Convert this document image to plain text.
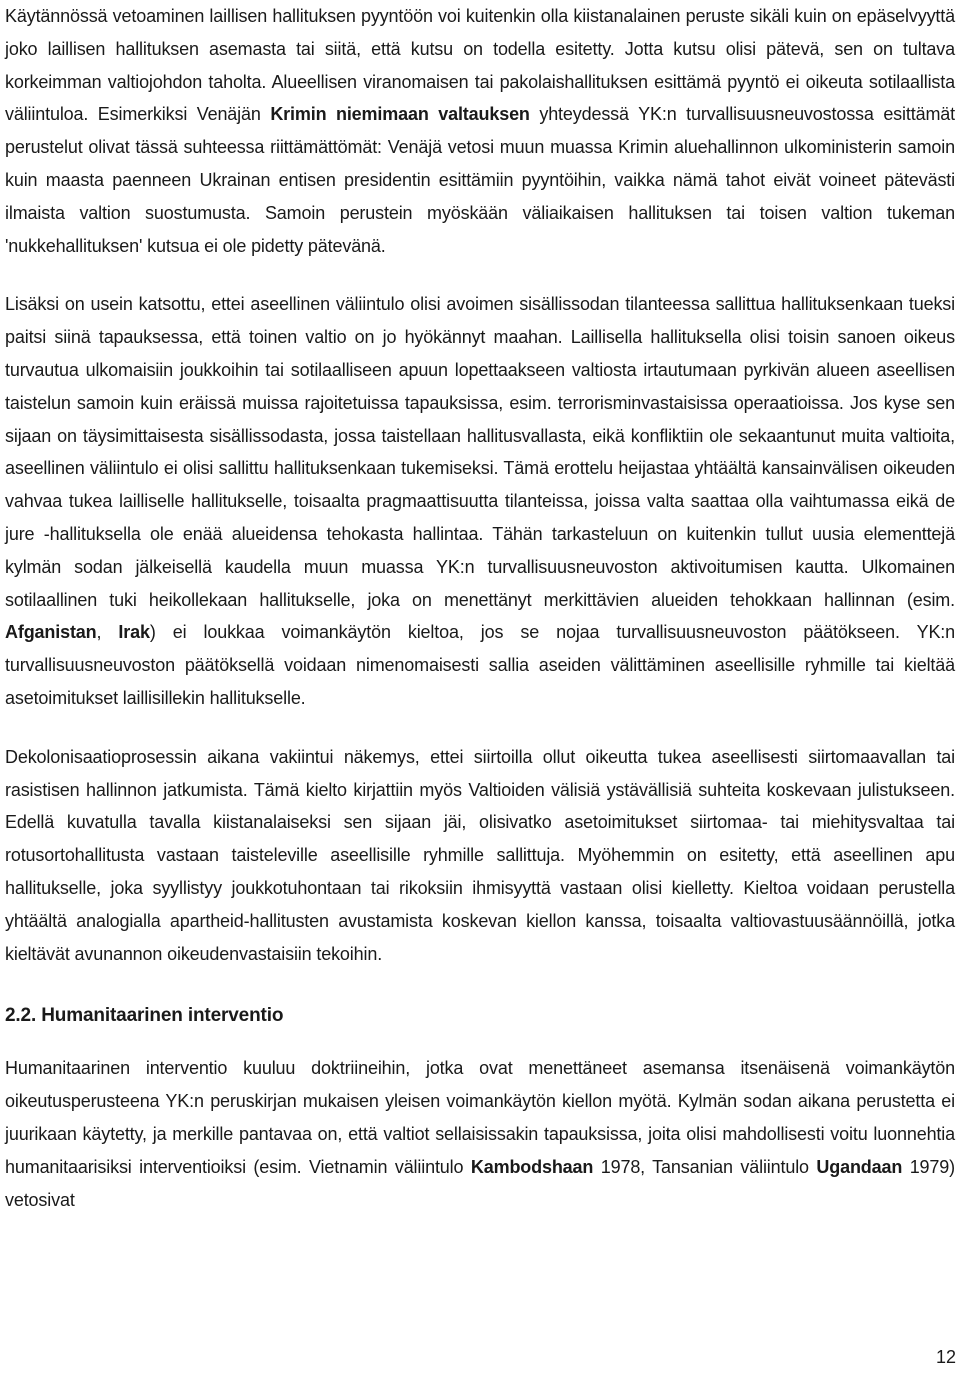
Käytännössä vetoaminen laillisen hallituksen pyyntöön voi kuitenkin olla kiistanalainen peruste sikäli kuin on epäselvyyttä joko laillisen hallituksen asemasta tai siitä, että kutsu on todella esitetty. Jotta kutsu olisi pätevä, sen on tultava korkeimman valtiojohdon taholta. Alueellisen viranomaisen tai pakolaishallituksen esittämä pyyntö ei oikeuta sotilaallista väliintuloa. Esimerkiksi Venäjän Krimin niemimaan valtauksen yhteydessä YK:n turvallisuusneuvostossa esittämät perustelut olivat tässä suhteessa riittämättömät: Venäjä vetosi muun muassa Krimin aluehallinnon ulkoministerin samoin kuin maasta paenneen Ukrainan entisen presidentin esittämiin pyyntöihin, vaikka nämä tahot eivät voineet pätevästi ilmaista valtion suostumusta. Samoin perustein myöskään väliaikaisen hallituksen tai toisen valtion tukeman 'nukkehallituksen' kutsua ei ole pidetty pätevänä.

Lisäksi on usein katsottu, ettei aseellinen väliintulo olisi avoimen sisällissodan tilanteessa sallittua hallituksenkaan tueksi paitsi siinä tapauksessa, että toinen valtio on jo hyökännyt maahan. Laillisella hallituksella olisi toisin sanoen oikeus turvautua ulkomaisiin joukkoihin tai sotilaalliseen apuun lopettaakseen valtiosta irtautumaan pyrkivän alueen aseellisen taistelun samoin kuin eräissä muissa rajoitetuissa tapauksissa, esim. terrorisminvastaisissa operaatioissa. Jos kyse sen sijaan on täysimittaisesta sisällissodasta, jossa taistellaan hallitusvallasta, eikä konfliktiin ole sekaantunut muita valtioita, aseellinen väliintulo ei olisi sallittu hallituksenkaan tukemiseksi. Tämä erottelu heijastaa yhtäältä kansainvälisen oikeuden vahvaa tukea lailliselle hallitukselle, toisaalta pragmaattisuutta tilanteissa, joissa valta saattaa olla vaihtumassa eikä de jure -hallituksella ole enää alueidensa tehokasta hallintaa. Tähän tarkasteluun on kuitenkin tullut uusia elementtejä kylmän sodan jälkeisellä kaudella muun muassa YK:n turvallisuusneuvoston aktivoitumisen kautta. Ulkomainen sotilaallinen tuki heikollekaan hallitukselle, joka on menettänyt merkittävien alueiden tehokkaan hallinnan (esim. Afganistan, Irak) ei loukkaa voimankäytön kieltoa, jos se nojaa turvallisuusneuvoston päätökseen. YK:n turvallisuusneuvoston päätöksellä voidaan nimenomaisesti sallia aseiden välittäminen aseellisille ryhmille tai kieltää asetoimitukset laillisillekin hallitukselle.

Dekolonisaatioprosessin aikana vakiintui näkemys, ettei siirtoilla ollut oikeutta tukea aseellisesti siirtomaavallan tai rasistisen hallinnon jatkumista. Tämä kielto kirjattiin myös Valtioiden välisiä ystävällisiä suhteita koskevaan julistukseen. Edellä kuvatulla tavalla kiistanalaiseksi sen sijaan jäi, olisivatko asetoimitukset siirtomaa- tai miehitysvaltaa tai rotusortohallitusta vastaan taisteleville aseellisille ryhmille sallittuja. Myöhemmin on esitetty, että aseellinen apu hallitukselle, joka syyllistyy joukkotuhontaan tai rikoksiin ihmisyyttä vastaan olisi kielletty. Kieltoa voidaan perustella yhtäältä analogialla apartheid-hallitusten avustamista koskevan kiellon kanssa, toisaalta valtiovastuusäännöillä, jotka kieltävät avunannon oikeudenvastaisiin tekoihin.

2.2. Humanitaarinen interventio

Humanitaarinen interventio kuuluu doktriineihin, jotka ovat menettäneet asemansa itsenäisenä voimankäytön oikeutusperusteena YK:n peruskirjan mukaisen yleisen voimankäytön kiellon myötä. Kylmän sodan aikana perustetta ei juurikaan käytetty, ja merkille pantavaa on, että valtiot sellaisissakin tapauksissa, joita olisi mahdollisesti voitu luonnehtia humanitaarisiksi interventioiksi (esim. Vietnamin väliintulo Kambodshaan 1978, Tansanian väliintulo Ugandaan 1979) vetosivat

12
